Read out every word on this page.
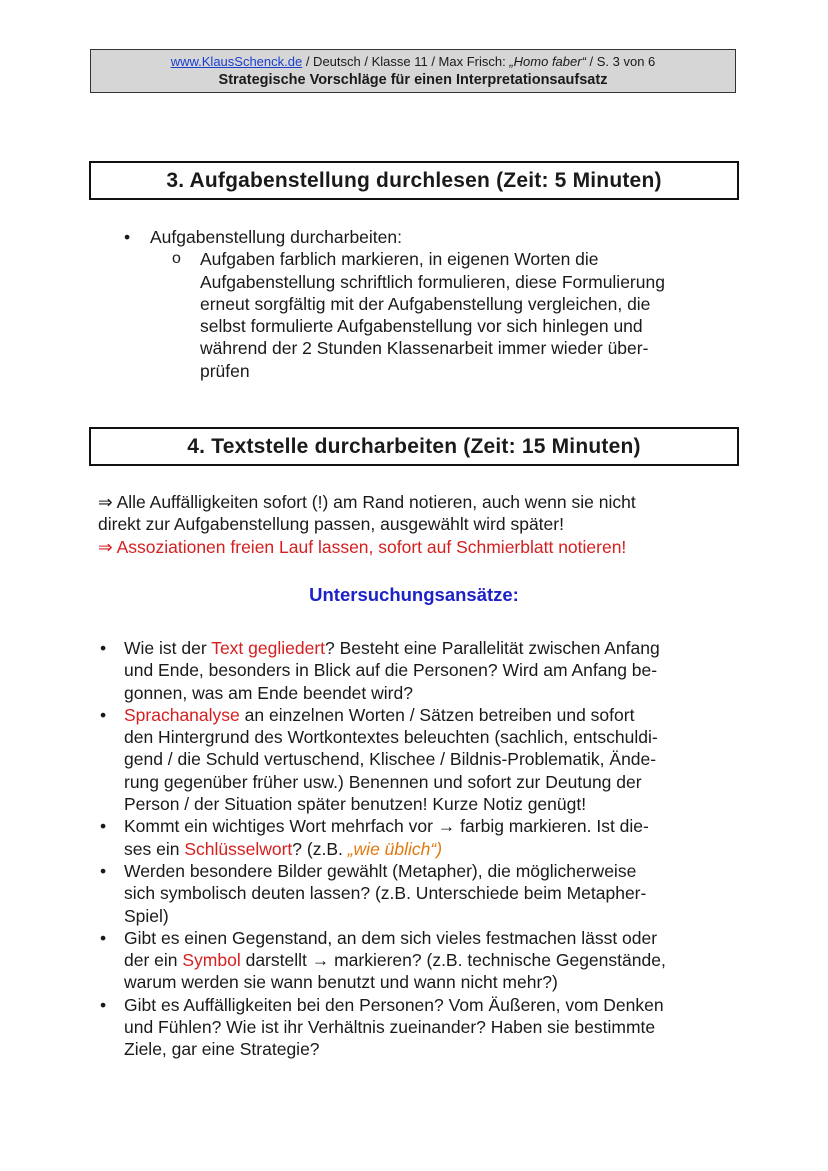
www.KlausSchenck.de / Deutsch / Klasse 11 / Max Frisch: „Homo faber“ / S. 3 von 6
Strategische Vorschläge für einen Interpretationsaufsatz
3. Aufgabenstellung durchlesen (Zeit: 5 Minuten)
• Aufgabenstellung durcharbeiten:
o Aufgaben farblich markieren, in eigenen Worten die
Aufgabenstellung schriftlich formulieren, diese Formulierung
erneut sorgfältig mit der Aufgabenstellung vergleichen, die
selbst formulierte Aufgabenstellung vor sich hinlegen und
während der 2 Stunden Klassenarbeit immer wieder über-
prüfen
4. Textstelle durcharbeiten (Zeit: 15 Minuten)
⇒ Alle Auffälligkeiten sofort (!) am Rand notieren, auch wenn sie nicht
direkt zur Aufgabenstellung passen, ausgewählt wird später!
⇒ Assoziationen freien Lauf lassen, sofort auf Schmierblatt notieren!
Untersuchungsansätze:
• Wie ist der Text gegliedert? Besteht eine Parallelität zwischen Anfang
und Ende, besonders in Blick auf die Personen? Wird am Anfang be-
gonnen, was am Ende beendet wird?
• Sprachanalyse an einzelnen Worten / Sätzen betreiben und sofort
den Hintergrund des Wortkontextes beleuchten (sachlich, entschuldi-
gend / die Schuld vertuschend, Klischee / Bildnis-Problematik, Ände-
rung gegenüber früher usw.) Benennen und sofort zur Deutung der
Person / der Situation später benutzen! Kurze Notiz genügt!
• Kommt ein wichtiges Wort mehrfach vor → farbig markieren. Ist die-
ses ein Schlüsselwort? (z.B. „wie üblich“)
• Werden besondere Bilder gewählt (Metapher), die möglicherweise
sich symbolisch deuten lassen? (z.B. Unterschiede beim Metapher-
Spiel)
• Gibt es einen Gegenstand, an dem sich vieles festmachen lässt oder
der ein Symbol darstellt → markieren? (z.B. technische Gegenstände,
warum werden sie wann benutzt und wann nicht mehr?)
• Gibt es Auffälligkeiten bei den Personen? Vom Äußeren, vom Denken
und Fühlen? Wie ist ihr Verhältnis zueinander? Haben sie bestimmte
Ziele, gar eine Strategie?
